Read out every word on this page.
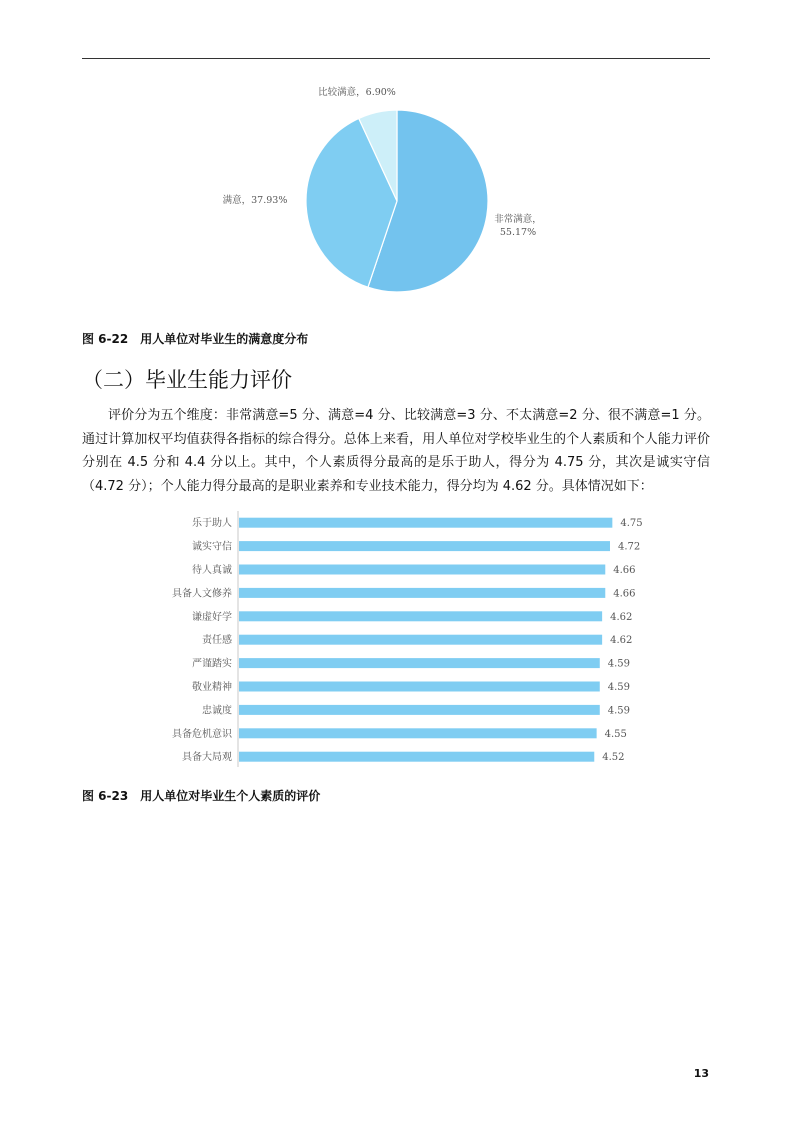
非常满意， 55.17%
满意，37.93%
比较满意，6.90%
图 6-22 用人单位对毕业生的满意度分布
（二）毕业生能力评价

评价分为五个维度：非常满意=5 分、满意=4 分、比较满意=3 分、不太满意=2 分、很不满意=1 分。通过计算加权平均值获得各指标的综合得分。总体上来看，用人单位对学校毕业生的个人素质和个人能力评价分别在 4.5 分和 4.4 分以上。其中，个人素质得分最高的是乐于助人，得分为 4.75 分，其次是诚实守信（4.72 分）；个人能力得分最高的是职业素养和专业技术能力，得分均为 4.62 分。具体情况如下：

乐于助人	4.75
诚实守信	4.72
待人真诚	4.66
具备人文修养	4.66
谦虚好学	4.62
责任感	4.62
严谨踏实	4.59
敬业精神	4.59
忠诚度	4.59
具备危机意识	4.55
具备大局观	4.52
图 6-23 用人单位对毕业生个人素质的评价
13
